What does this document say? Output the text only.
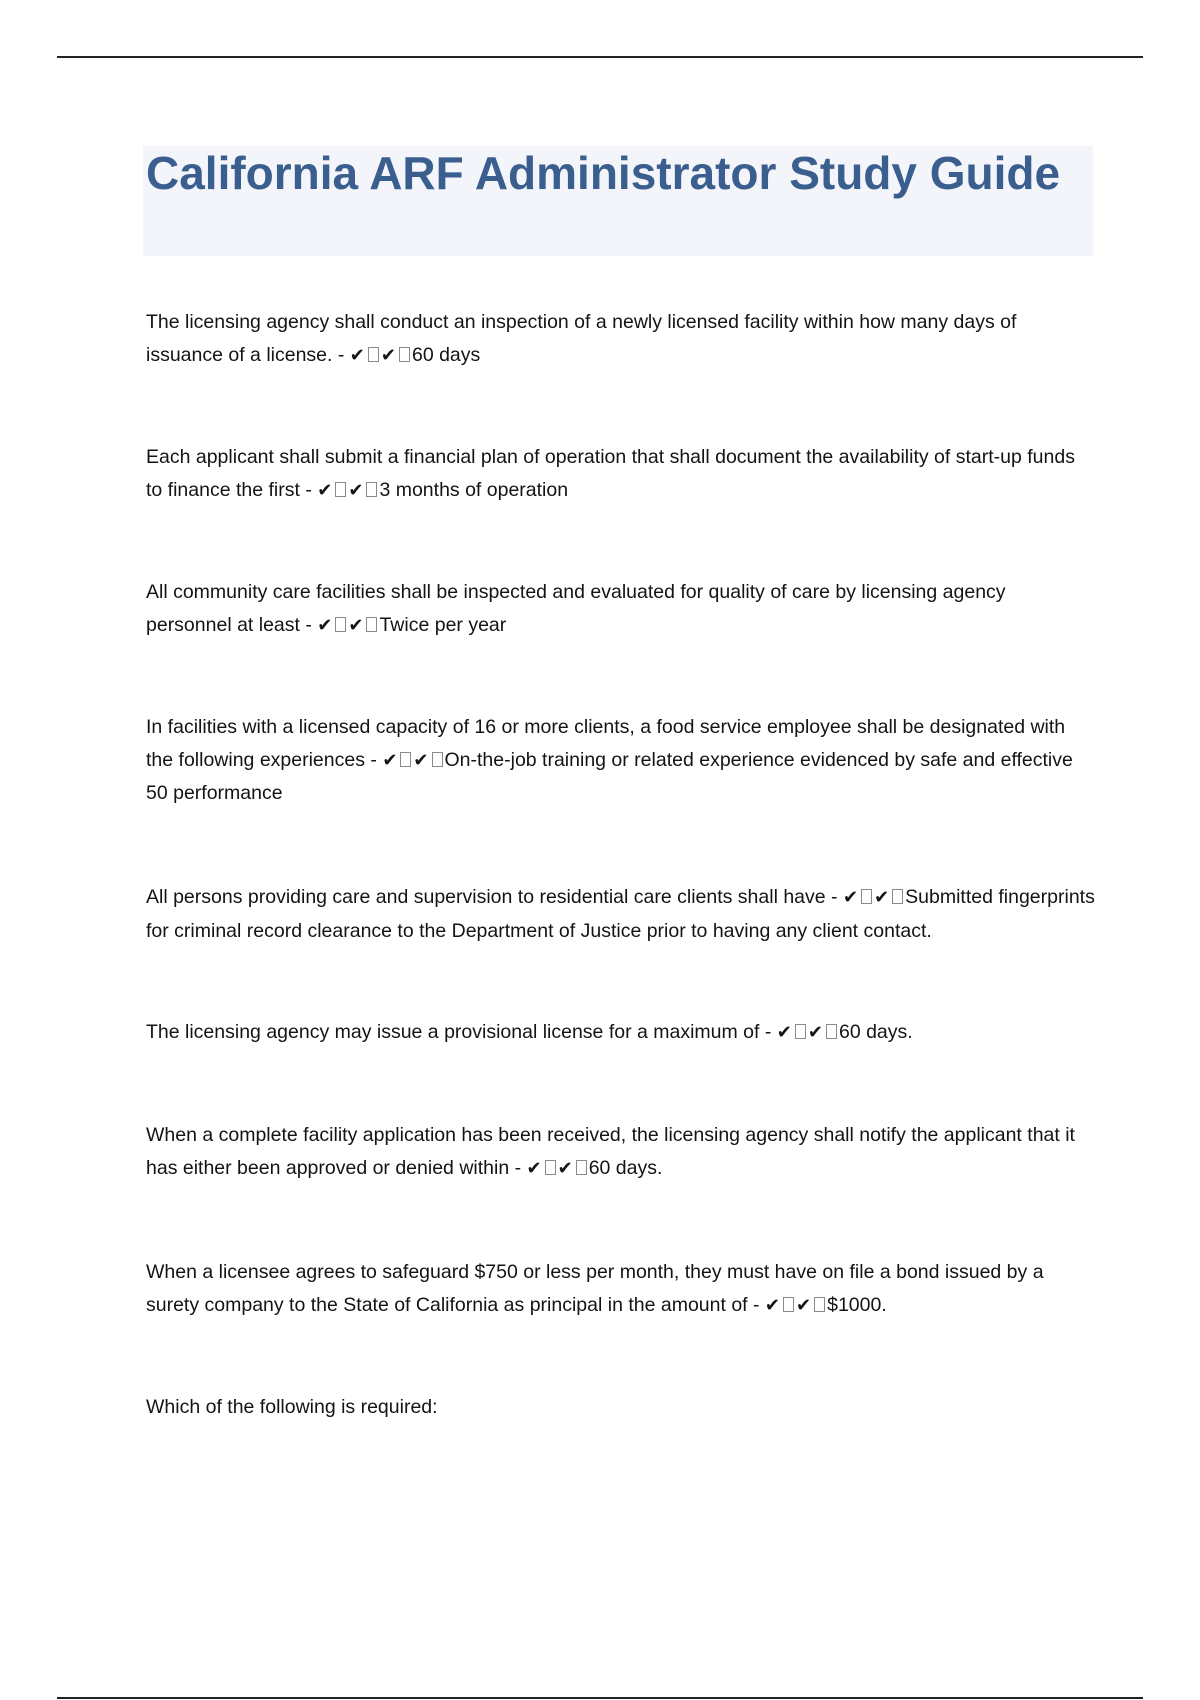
California ARF Administrator Study Guide

The licensing agency shall conduct an inspection of a newly licensed facility within how many days of issuance of a license. - ✔ ✔ 60 days

Each applicant shall submit a financial plan of operation that shall document the availability of start-up funds to finance the first - ✔ ✔ 3 months of operation

All community care facilities shall be inspected and evaluated for quality of care by licensing agency personnel at least - ✔ ✔ Twice per year

In facilities with a licensed capacity of 16 or more clients, a food service employee shall be designated with the following experiences - ✔ ✔ On-the-job training or related experience evidenced by safe and effective 50 performance

All persons providing care and supervision to residential care clients shall have - ✔ ✔ Submitted fingerprints for criminal record clearance to the Department of Justice prior to having any client contact.

The licensing agency may issue a provisional license for a maximum of - ✔ ✔ 60 days.

When a complete facility application has been received, the licensing agency shall notify the applicant that it has either been approved or denied within - ✔ ✔ 60 days.

When a licensee agrees to safeguard $750 or less per month, they must have on file a bond issued by a surety company to the State of California as principal in the amount of - ✔ ✔ $1000.

Which of the following is required:
